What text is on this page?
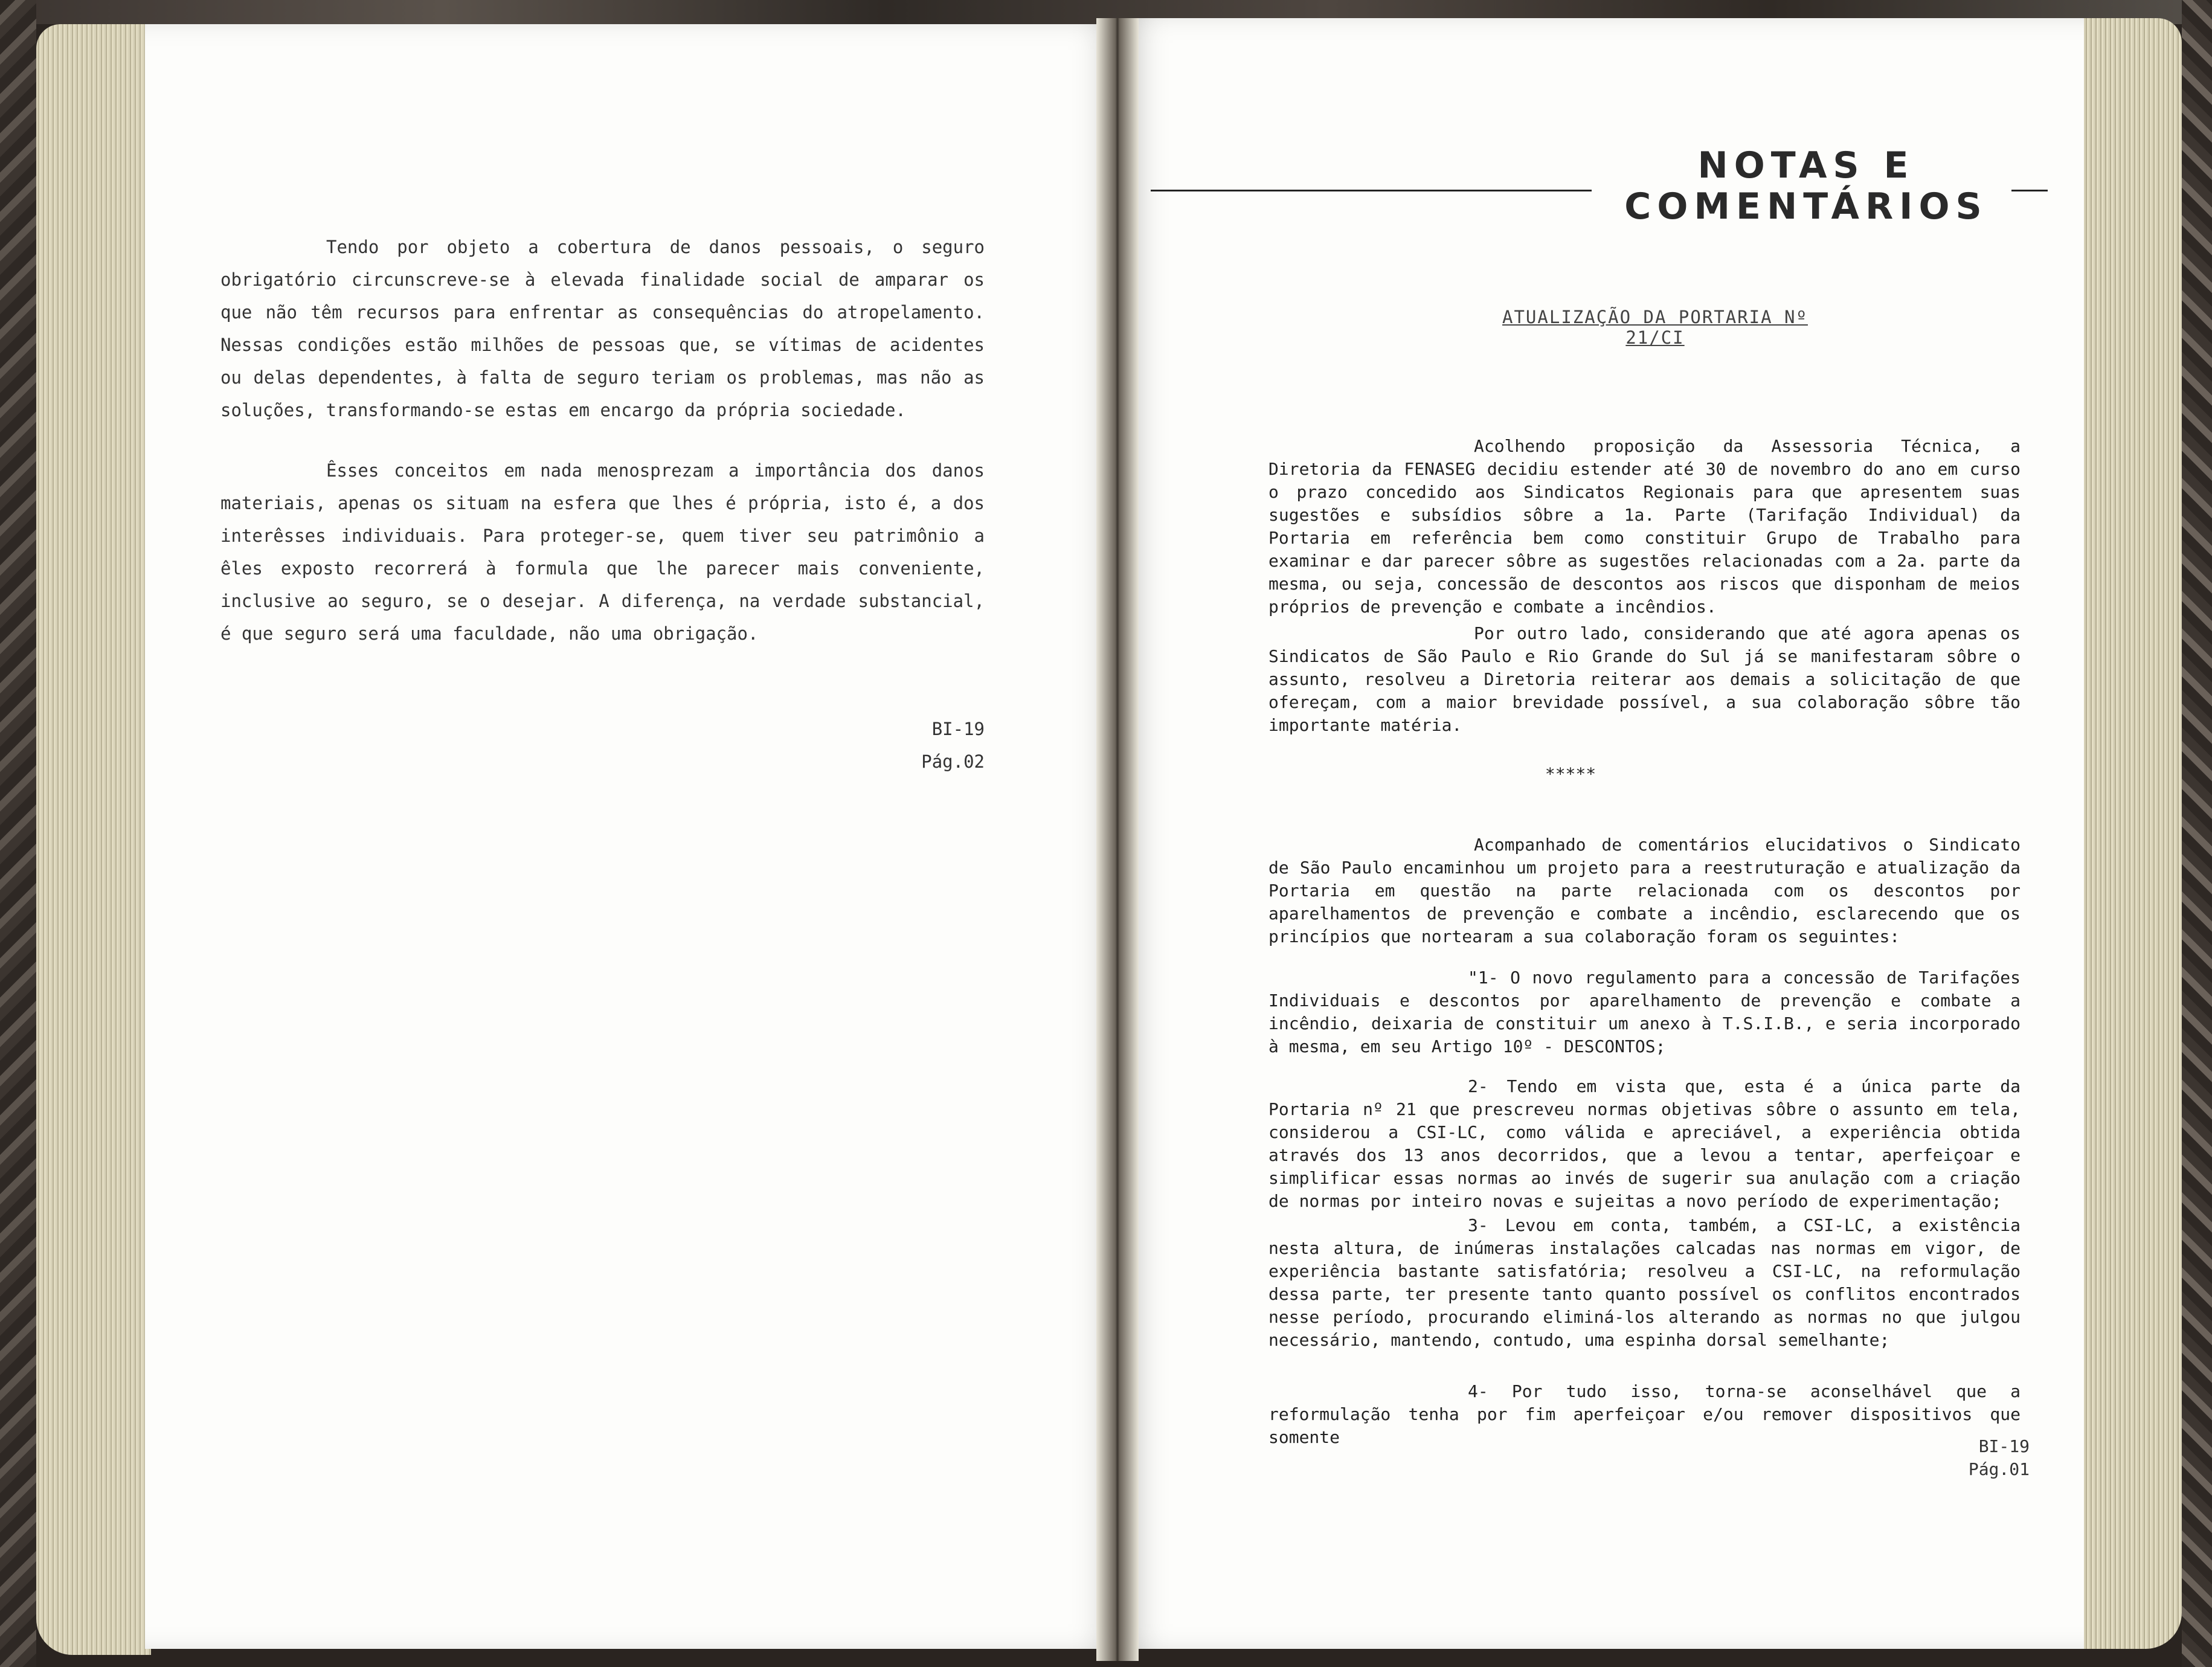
Tendo por objeto a cobertura de danos pessoais, o seguro obrigatório circunscreve-se à elevada finalidade social de amparar os que não têm recursos para enfrentar as consequências do atropelamento. Nessas condições estão milhões de pessoas que, se vítimas de acidentes ou delas dependentes, à falta de seguro teriam os problemas, mas não as soluções, transformando-se estas em encargo da própria sociedade.
Êsses conceitos em nada menosprezam a importância dos danos materiais, apenas os situam na esfera que lhes é própria, isto é, a dos interêsses individuais. Para proteger-se, quem tiver seu patrimônio a êles exposto recorrerá à formula que lhe parecer mais conveniente, inclusive ao seguro, se o desejar. A diferença, na verdade substancial, é que seguro será uma faculdade, não uma obrigação.
BI-19
Pág.02
NOTAS E
COMENTÁRIOS
ATUALIZAÇÃO DA PORTARIA Nº 21/CI
Acolhendo proposição da Assessoria Técnica, a Diretoria da FENASEG decidiu estender até 30 de novembro do ano em curso o prazo concedido aos Sindicatos Regionais para que apresentem suas sugestões e subsídios sôbre a 1a. Parte (Tarifação Individual) da Portaria em referência bem como constituir Grupo de Trabalho para examinar e dar parecer sôbre as sugestões relacionadas com a 2a. parte da mesma, ou seja, concessão de descontos aos riscos que disponham de meios próprios de prevenção e combate a incêndios.
Por outro lado, considerando que até agora apenas os Sindicatos de São Paulo e Rio Grande do Sul já se manifestaram sôbre o assunto, resolveu a Diretoria reiterar aos demais a solicitação de que ofereçam, com a maior brevidade possível, a sua colaboração sôbre tão importante matéria.
*****
Acompanhado de comentários elucidativos o Sindicato de São Paulo encaminhou um projeto para a reestruturação e atualização da Portaria em questão na parte relacionada com os descontos por aparelhamentos de prevenção e combate a incêndio, esclarecendo que os princípios que nortearam a sua colaboração foram os seguintes:
"1- O novo regulamento para a concessão de Tarifações Individuais e descontos por aparelhamento de prevenção e combate a incêndio, deixaria de constituir um anexo à T.S.I.B., e seria incorporado à mesma, em seu Artigo 10º - DESCONTOS;
2- Tendo em vista que, esta é a única parte da Portaria nº 21 que prescreveu normas objetivas sôbre o assunto em tela, considerou a CSI-LC, como válida e apreciável, a experiência obtida através dos 13 anos decorridos, que a levou a tentar, aperfeiçoar e simplificar essas normas ao invés de sugerir sua anulação com a criação de normas por inteiro novas e sujeitas a novo período de experimentação;
3- Levou em conta, também, a CSI-LC, a existência nesta altura, de inúmeras instalações calcadas nas normas em vigor, de experiência bastante satisfatória; resolveu a CSI-LC, na reformulação dessa parte, ter presente tanto quanto possível os conflitos encontrados nesse período, procurando eliminá-los alterando as normas no que julgou necessário, mantendo, contudo, uma espinha dorsal semelhante;
4- Por tudo isso, torna-se aconselhável que a reformulação tenha por fim aperfeiçoar e/ou remover dispositivos que somente	BI-19
Pág.01
